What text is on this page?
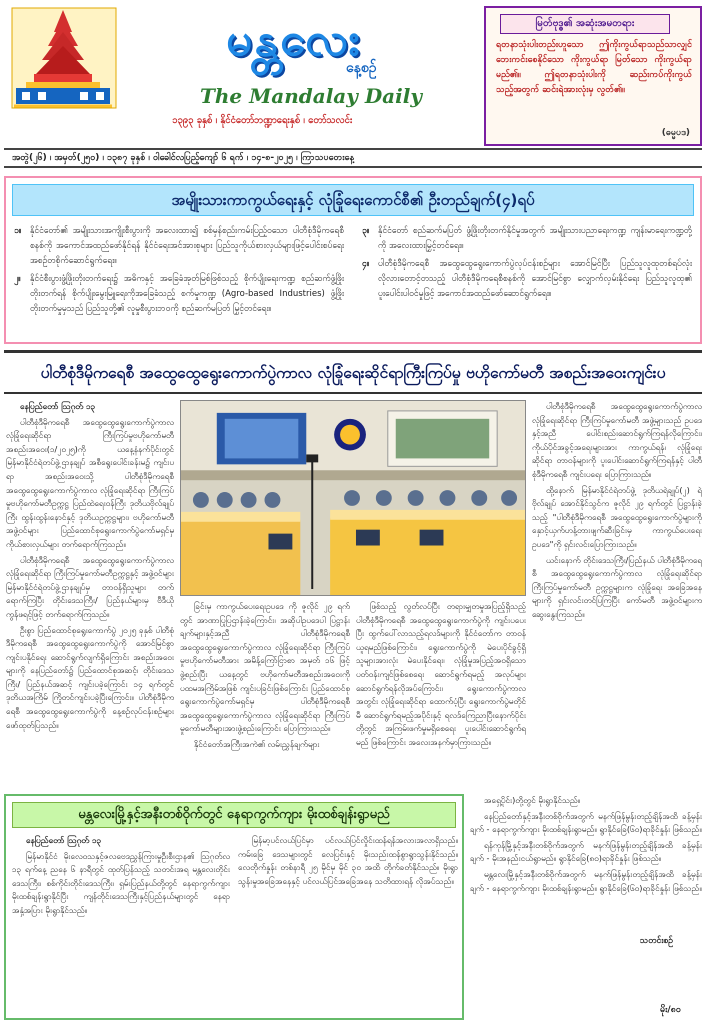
မန္တလေး
နေ့စဉ်
The Mandalay Daily
၁၃၉၃ ခုနှစ် ၊ နိုင်ငံတော်ဘဏ္ဍာရေးနှစ် ၊ တော်သလင်း
မြတ်ဗုဒ္ဓ၏ အဆုံးအမတရား
ရတနာသုံးပါးတည်းဟူသော ဤကိုးကွယ်ရာသည်သာလျှင် ဘေးကင်းစေနိုင်သော ကိုးကွယ်ရာ မြတ်သော ကိုးကွယ်ရာမည်၏။ ဤရတနာသုံးပါးကို ဆည်းကပ်ကိုးကွယ်သည့်အတွက် ဆင်းရဲအားလုံးမှ လွတ်၏။
(ဓမ္မပဒ)
အတွဲ(၂၆) ၊ အမှတ်(၂၅၀) ၊ ၁၃၈၇ ခုနှစ် ၊ ဝါခေါင်လပြည့်ကျော် ၆ ရက် ၊ ၁၄-၈-၂၀၂၅ ၊ ကြာသပတေးနေ့
အမျိုးသားကာကွယ်ရေးနှင့် လုံခြုံရေးကောင်စီ၏ ဦးတည်ချက်(၄)ရပ်
၁။	နိုင်ငံတော်၏ အမျိုးသားအကျိုးစီးပွားကို အလေးထား၍ စစ်မှန်စည်းကမ်းပြည့်ဝသော ပါတီစုံဒီမိုကရေစီစနစ်ကို အကောင်အထည်ဖော်နိုင်ရန် နိုင်ငံရေးအင်အားစုများ ပြည်သူကိုယ်စားလှယ်များဖြင့်ပေါင်းစပ်ရေး အစဉ်တစိုက်ဆောင်ရွက်ရေး။
၂။	နိုင်ငံစီးပွားဖွံ့ဖြိုးတိုးတက်ရေး၌ အဓိကနှင့် အခြေခံအုတ်မြစ်ဖြစ်သည့် စိုက်ပျိုးရေးကဏ္ဍ စည်ဆက်ဖွံ့ဖြိုးတိုးတက်ရန် စိုက်ပျိုးမွေးမြူရေးကိုအခြေခံသည့် စက်မှုကဏ္ဍ (Agro-based Industries) ဖွံ့ဖြိုးတိုးတက်မှုမှသည် ပြည်သူတို့၏ လူမှုစီးပွားဘဝကို စည်ဆက်မပြတ် မြှင့်တင်ရေး။
၃။	နိုင်ငံတော် စည်ဆက်မပြတ် ဖွံ့ဖြိုးတိုးတက်နိုင်မှုအတွက် အမျိုးသားပညာရေးကဏ္ဍ ကျန်းမာရေးကဏ္ဍတို့ကို အလေးထားမြှင့်တင်ရေး။
၄။	ပါတီစုံဒီမိုကရေစီ အထွေထွေရွေးကောက်ပွဲလုပ်ငန်းစဉ်များ အောင်မြင်ပြီး ပြည်သူလူထုတစ်ရပ်လုံး လိုလားတောင့်တသည့် ပါတီစုံဒီမိုကရေစီစနစ်ကို အောင်မြင်စွာ လျှောက်လှမ်းနိုင်ရေး ပြည်သူလူထု၏ ပူးပေါင်းပါဝင်မှုဖြင့် အကောင်အထည်ဖော်ဆောင်ရွက်ရေး။
ပါတီစုံဒီမိုကရေစီ အထွေထွေရွေးကောက်ပွဲကာလ လုံခြုံရေးဆိုင်ရာကြီးကြပ်မှု ဗဟိုကော်မတီ အစည်းအဝေးကျင်းပ

နေပြည်တော် ဩဂုတ် ၁၃

ပါတီစုံဒီမိုကရေစီ အထွေထွေရွေးကောက်ပွဲကာလ လုံခြုံရေးဆိုင်ရာ ကြီးကြပ်မှုဗဟိုကော်မတီ အစည်းအဝေး(၁/၂၀၂၅)ကို ယနေ့နံနက်ပိုင်းတွင် မြန်မာနိုင်ငံရဲတပ်ဖွဲ့ဌာနချုပ် အစီရွေးပေါင်းခန်းမ၌ ကျင်းပရာ အစည်းအဝေးသို့ ပါတီစုံဒီမိုကရေစီ အထွေထွေရွေးကောက်ပွဲကာလ လုံခြုံရေးဆိုင်ရာ ကြီးကြပ်မှုဗဟိုကော်မတီဥက္ကဋ္ဌ ပြည်ထဲရေးဝန်ကြီး ဒုတိယဗိုလ်ချုပ်ကြီး ထွန်းထွန်းနောင်နှင့် ဒုတိယဥက္ကဋ္ဌများ၊ ဗဟိုကော်မတီ အဖွဲ့ဝင်များ ပြည်ထောင်စုရွေးကောက်ပွဲကော်မရှင်မှ ကိုယ်စားလှယ်များ တက်ရောက်ကြသည်။

ပါတီစုံဒီမိုကရေစီ အထွေထွေရွေးကောက်ပွဲကာလ လုံခြုံရေးဆိုင်ရာ ကြီးကြပ်မှုကော်မတီဥက္ကဋ္ဌနှင့် အဖွဲ့ဝင်များ မြန်မာနိုင်ငံရဲတပ်ဖွဲ့ဌာနချုပ်မှ တာဝန်ရှိသူများ တက်ရောက်ကြပြီး တိုင်းဒေသကြီး/ ပြည်နယ်များမှ ဗီဒီယိုကွန်ဖရင့်ဖြင့် တက်ရောက်ကြသည်။

ဦးစွာ ပြည်ထောင်စုရွေးကောက်ပွဲ ၂၀၂၅ ခုနှစ် ပါတီစုံဒီမိုကရေစီ အထွေထွေရွေးကောက်ပွဲကို အောင်မြင်စွာကျင်းပနိုင်ရေး ဆောင်ရွက်လျက်ရှိကြောင်း အစည်းအဝေးများကို နေပြည်တော်၌ ပြည်ထောင်စုအဆင့်၊ တိုင်းဒေသကြီး/ ပြည်နယ်အဆင့် ကျင်းပခဲ့ကြောင်း ၁၄ ရက်တွင် ဒုတိယအကြိမ် ကြိုတင်ကျင်းပခဲ့ပြီးကြောင်း။ ပါတီစုံဒီမိုကရေစီ အထွေထွေရွေးကောက်ပွဲကို နေ့စဉ်လုပ်ငန်းစဉ်များ ဖော်ထုတ်ပြသည်။

ခြင်းမှ ကာကွယ်ပေးရေးဥပဒေ ကို ဇူလိုင် ၂၉ ရက်တွင် အာဏာပြုပြဌာန်းခဲ့ကြောင်း၊ အဆိုပါဥပဒေပါ ပြဋ္ဌာန်းချက်များနှင့်အညီ ပါတီစုံဒီမိုကရေစီ အထွေထွေရွေးကောက်ပွဲကာလ လုံခြုံရေးဆိုင်ရာ ကြီးကြပ်မှုဗဟိုကော်မတီအား အမိန့်ကြော်ငြာစာ အမှတ် ၁၆ ဖြင့် ဖွဲ့စည်းပြီး ယနေ့တွင် ဗဟိုကော်မတီအစည်းအဝေးကို ပထမအကြိမ်အဖြစ် ကျင်းပခြင်းဖြစ်ကြောင်း ပြည်ထောင်စုရွေးကောက်ပွဲကော်မရှင်မှ ပါတီစုံဒီမိုကရေစီ အထွေထွေရွေးကောက်ပွဲကာလ လုံခြုံရေးဆိုင်ရာ ကြီးကြပ်မှုကော်မတီများအားဖွဲ့စည်းကြောင်း ပြောကြားသည်။

နိုင်ငံတော်အကြီးအကဲ၏ လမ်းညွှန်ချက်များ

ဖြစ်သည့် လွတ်လပ်ပြီး တရားမျှတမှုအပြည့်ရှိသည့် ပါတီစုံဒီမိုကရေစီ အထွေထွေရွေးကောက်ပွဲကို ကျင်းပပေးပြီး ထွက်ပေါ်လာသည့်ရလဒ်များကို နိုင်ငံတော်က တာဝန်ယူရမည်ဖြစ်ကြောင်း၊ ရွေးကောက်ပွဲကို မဲပေးပိုင်ခွင့်ရှိသူများအားလုံး မဲပေးနိုင်ရေး၊ လုံခြုံမှုအပြည့်အဝရှိသော ပတ်ဝန်းကျင်ဖြစ်စေရေး ဆောင်ရွက်ရမည့် အလုပ်များ ဆောင်ရွက်ရန်လိုအပ်ကြောင်း၊ ရွေးကောက်ပွဲကာလအတွင်း လုံခြုံရေးဆိုင်ရာ ထောက်ပံ့ပြီး ရွေးကောက်ပွဲမတိုင်မီ ဆောင်ရွက်ရမည့်အပိုင်းနှင့် ရလဒ်ကြေညာပြီးနောက်ပိုင်းတို့တွင် အကြမ်းဖက်မှုမရှိစေရေး ပူးပေါင်းဆောင်ရွက်ရမည် ဖြစ်ကြောင်း အလေးအနက်မှာကြားသည်။

ပါတီစုံဒီမိုကရေစီ အထွေထွေရွေးကောက်ပွဲကာလ လုံခြုံရေးဆိုင်ရာ ကြီးကြပ်မှုကော်မတီ အဖွဲ့များသည် ဥပဒေနှင့်အညီ ပေါင်းစည်းဆောင်ရွက်ကြရန်လိုကြောင်း၊ ကိုယ်ပိုင်အခွင့်အရေးများအား ကာကွယ်ရန်၊ လုံခြုံရေးဆိုင်ရာ တာဝန်များကို ပူးပေါင်းဆောင်ရွက်ကြရန်နှင့် ပါတီစုံဒီမိုကရေစီ ကျင်းပရေး ပြောကြားသည်။

ထို့နောက် မြန်မာနိုင်ငံရဲတပ်ဖွဲ့ ဒုတိယရဲချုပ်(၂) ရဲဗိုလ်ချုပ် အောင်နိုင်သွင်က ဇူလိုင် ၂၉ ရက်တွင် ပြဋ္ဌာန်းခဲ့သည့် "ပါတီစုံဒီမိုကရေစီ အထွေထွေရွေးကောက်ပွဲများကို နှောင့်ယှက်ဟန့်တားဖျက်ဆီးခြင်းမှ ကာကွယ်ပေးရေးဥပဒေ"ကို ရှင်းလင်းပြောကြားသည်။

ယင်းနောက် တိုင်းဒေသကြီး/ပြည်နယ် ပါတီစုံဒီမိုကရေစီ အထွေထွေရွေးကောက်ပွဲကာလ လုံခြုံရေးဆိုင်ရာ ကြီးကြပ်မှုကော်မတီ ဥက္ကဋ္ဌများက လုံခြုံရေး အခြေအနေများကို ရှင်းလင်းတင်ပြကြပြီး ကော်မတီ အဖွဲ့ဝင်များက ဆွေးနွေးကြသည်။

သတင်းစဉ်
မန္တလေးမြို့နှင့်အနီးတစ်ဝိုက်တွင် နေရာကွက်ကျား မိုးထစ်ချန်းရွာမည်

နေပြည်တော် ဩဂုတ် ၁၃

မြန်မာနိုင်ငံ မိုးလေဝသနှင့်ဇလဗေဒညွှန်ကြားမှုဦးစီးဌာန၏ ဩဂုတ်လ ၁၃ ရက်နေ့ ညနေ ၆ နာရီတွင် ထုတ်ပြန်သည့် သတင်းအရ မန္တလေးတိုင်းဒေသကြီး၊ စစ်ကိုင်းတိုင်းဒေသကြီး၊ ရှမ်းပြည်နယ်တို့တွင် နေရာကွက်ကျား မိုးထစ်ချန်းရွာနိုင်ပြီး ကျန်တိုင်းဒေသကြီးနှင့်ပြည်နယ်များတွင် နေရာအနှံ့အပြား မိုးရွာနိုင်သည်။

မြန်မာ့ပင်လယ်ပြင်မှာ ပင်လယ်ပြင်လှိုင်းထန်ရန်အလားအလာရှိသည်။ ကမ်းခြေ ဒေသများတွင် လေပြင်းနှင့် မိုးသည်းထန်စွာရွာသွန်းနိုင်သည်။ လေတိုက်နှုန်း တစ်နာရီ ၂၅ မိုင်မှ မိုင် ၃၀ အထိ တိုက်ခတ်နိုင်သည်။ မိုးရွာသွန်းမှုအခြေအနေနှင့် ပင်လယ်ပြင်အခြေအနေ သတိထားရန် လိုအပ်သည်။

အရှေ့ပိုင်း)တို့တွင် မိုးရွာနိုင်သည်။

နေပြည်တော်နှင့်အနီးတစ်ဝိုက်အတွက် မနက်ဖြန်မွန်းတည့်ချိန်အထိ ခန့်မှန်းချက် - နေရာကွက်ကျား မိုးထစ်ချန်းရွာမည်။ ရွာနိုင်ခြေ(၆၀)ရာခိုင်နှုန်း ဖြစ်သည်။

ရန်ကုန်မြို့နှင့်အနီးတစ်ဝိုက်အတွက် မနက်ဖြန်မွန်းတည့်ချိန်အထိ ခန့်မှန်းချက် - မိုးအနည်းငယ်ရွာမည်။ ရွာနိုင်ခြေ(၈၀)ရာခိုင်နှုန်း ဖြစ်သည်။

မန္တလေးမြို့နှင့်အနီးတစ်ဝိုက်အတွက် မနက်ဖြန်မွန်းတည့်ချိန်အထိ ခန့်မှန်းချက် - နေရာကွက်ကျား မိုးထစ်ချန်းရွာမည်။ ရွာနိုင်ခြေ(၆၀)ရာခိုင်နှုန်း ဖြစ်သည်။

မိုး/၈၀
